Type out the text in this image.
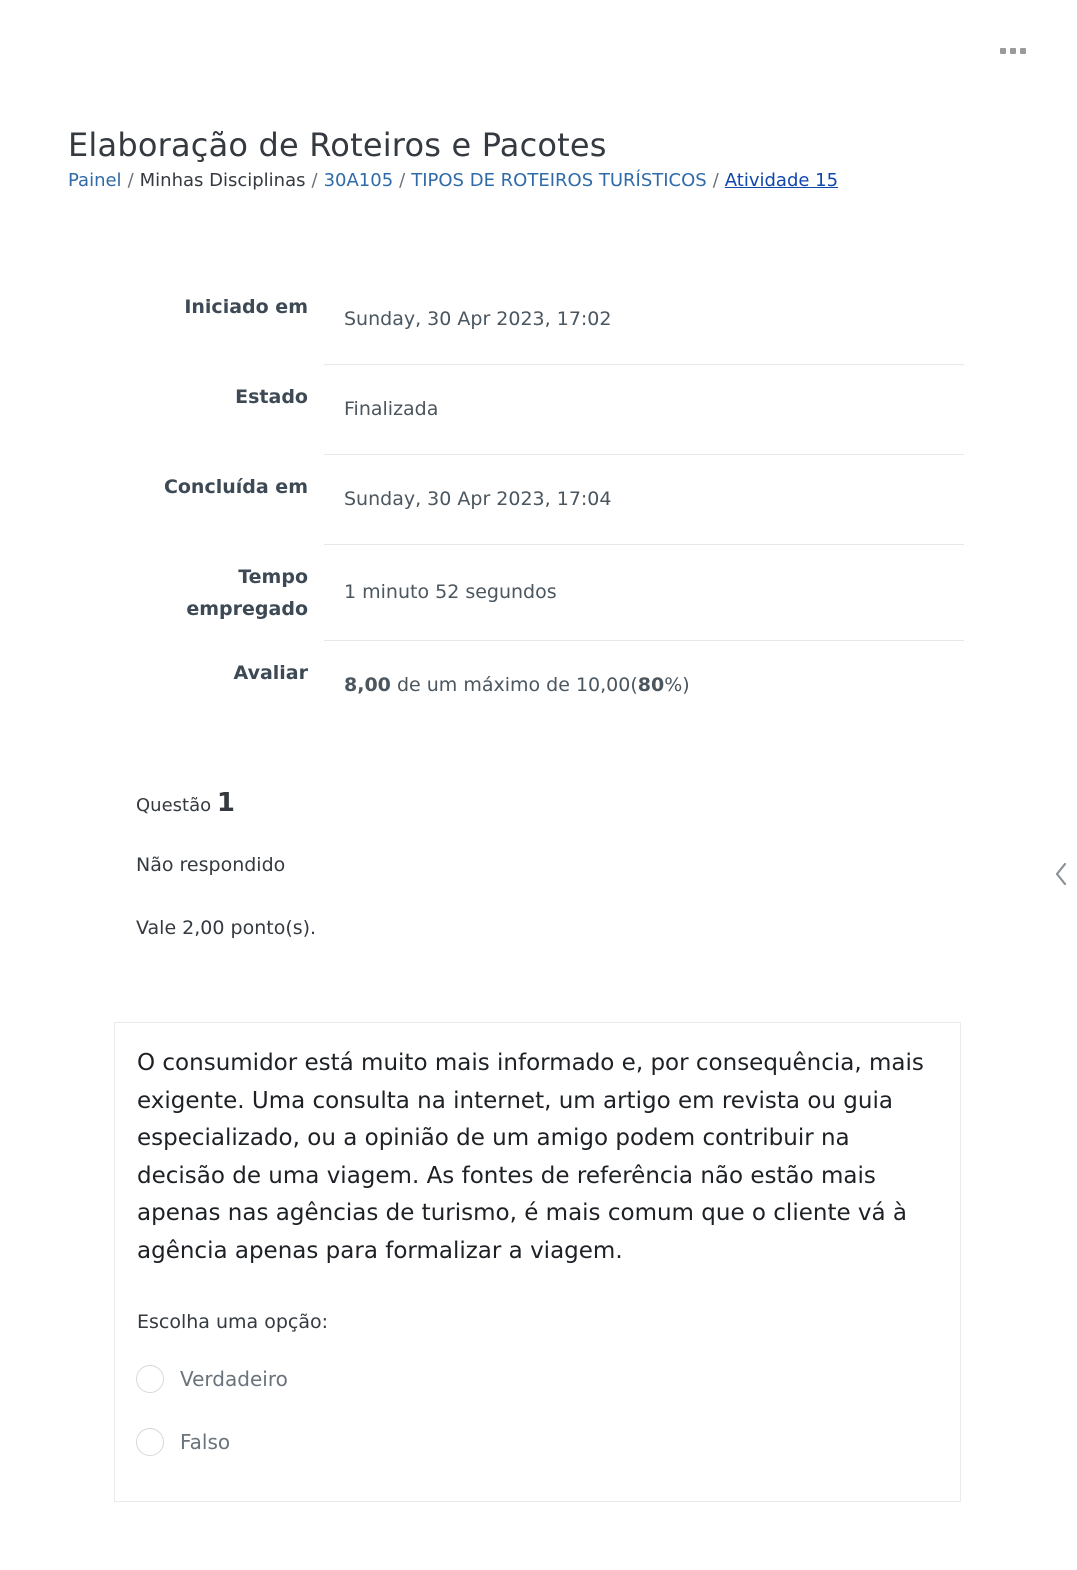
Elaboração de Roteiros e Pacotes
Painel / Minhas Disciplinas / 30A105 / TIPOS DE ROTEIROS TURÍSTICOS / Atividade 15
Iniciado em
Sunday, 30 Apr 2023, 17:02
Estado
Finalizada
Concluída em
Sunday, 30 Apr 2023, 17:04
Tempo
empregado
1 minuto 52 segundos
Avaliar
8,00 de um máximo de 10,00(80%)
Questão 1
Não respondido
Vale 2,00 ponto(s).
O consumidor está muito mais informado e, por consequência, mais exigente. Uma consulta na internet, um artigo em revista ou guia especializado, ou a opinião de um amigo podem contribuir na decisão de uma viagem. As fontes de referência não estão mais apenas nas agências de turismo, é mais comum que o cliente vá à agência apenas para formalizar a viagem.
Escolha uma opção:
Verdadeiro
Falso
